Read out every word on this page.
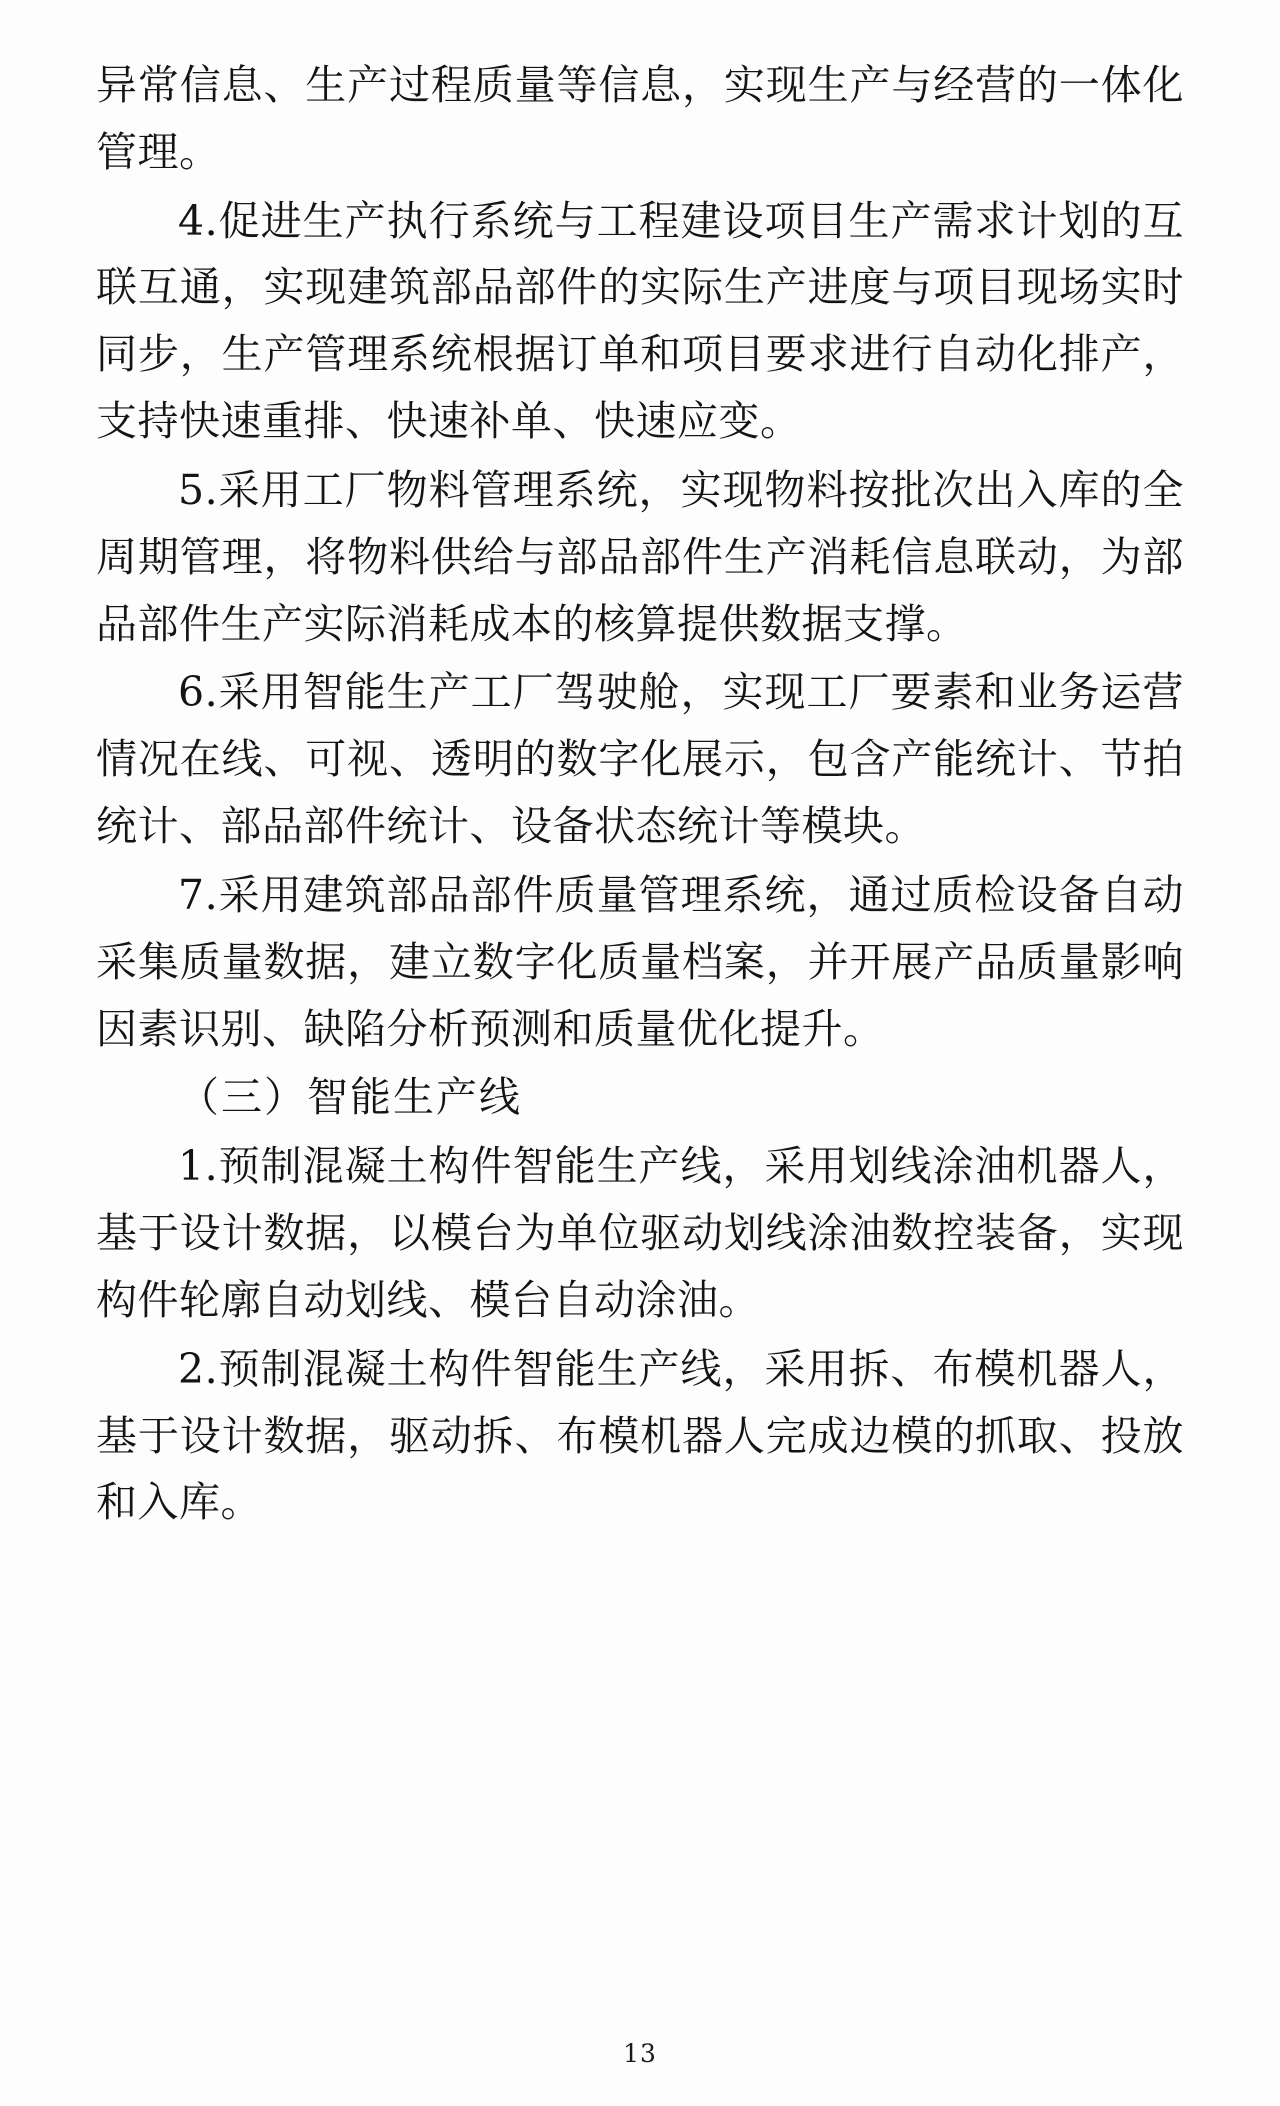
异常信息、生产过程质量等信息，实现生产与经营的一体化管理。

4.促进生产执行系统与工程建设项目生产需求计划的互联互通，实现建筑部品部件的实际生产进度与项目现场实时同步，生产管理系统根据订单和项目要求进行自动化排产，支持快速重排、快速补单、快速应变。

5.采用工厂物料管理系统，实现物料按批次出入库的全周期管理，将物料供给与部品部件生产消耗信息联动，为部品部件生产实际消耗成本的核算提供数据支撑。

6.采用智能生产工厂驾驶舱，实现工厂要素和业务运营情况在线、可视、透明的数字化展示，包含产能统计、节拍统计、部品部件统计、设备状态统计等模块。

7.采用建筑部品部件质量管理系统，通过质检设备自动采集质量数据，建立数字化质量档案，并开展产品质量影响因素识别、缺陷分析预测和质量优化提升。

（三）智能生产线

1.预制混凝土构件智能生产线，采用划线涂油机器人，基于设计数据，以模台为单位驱动划线涂油数控装备，实现构件轮廓自动划线、模台自动涂油。

2.预制混凝土构件智能生产线，采用拆、布模机器人，基于设计数据，驱动拆、布模机器人完成边模的抓取、投放和入库。

13
